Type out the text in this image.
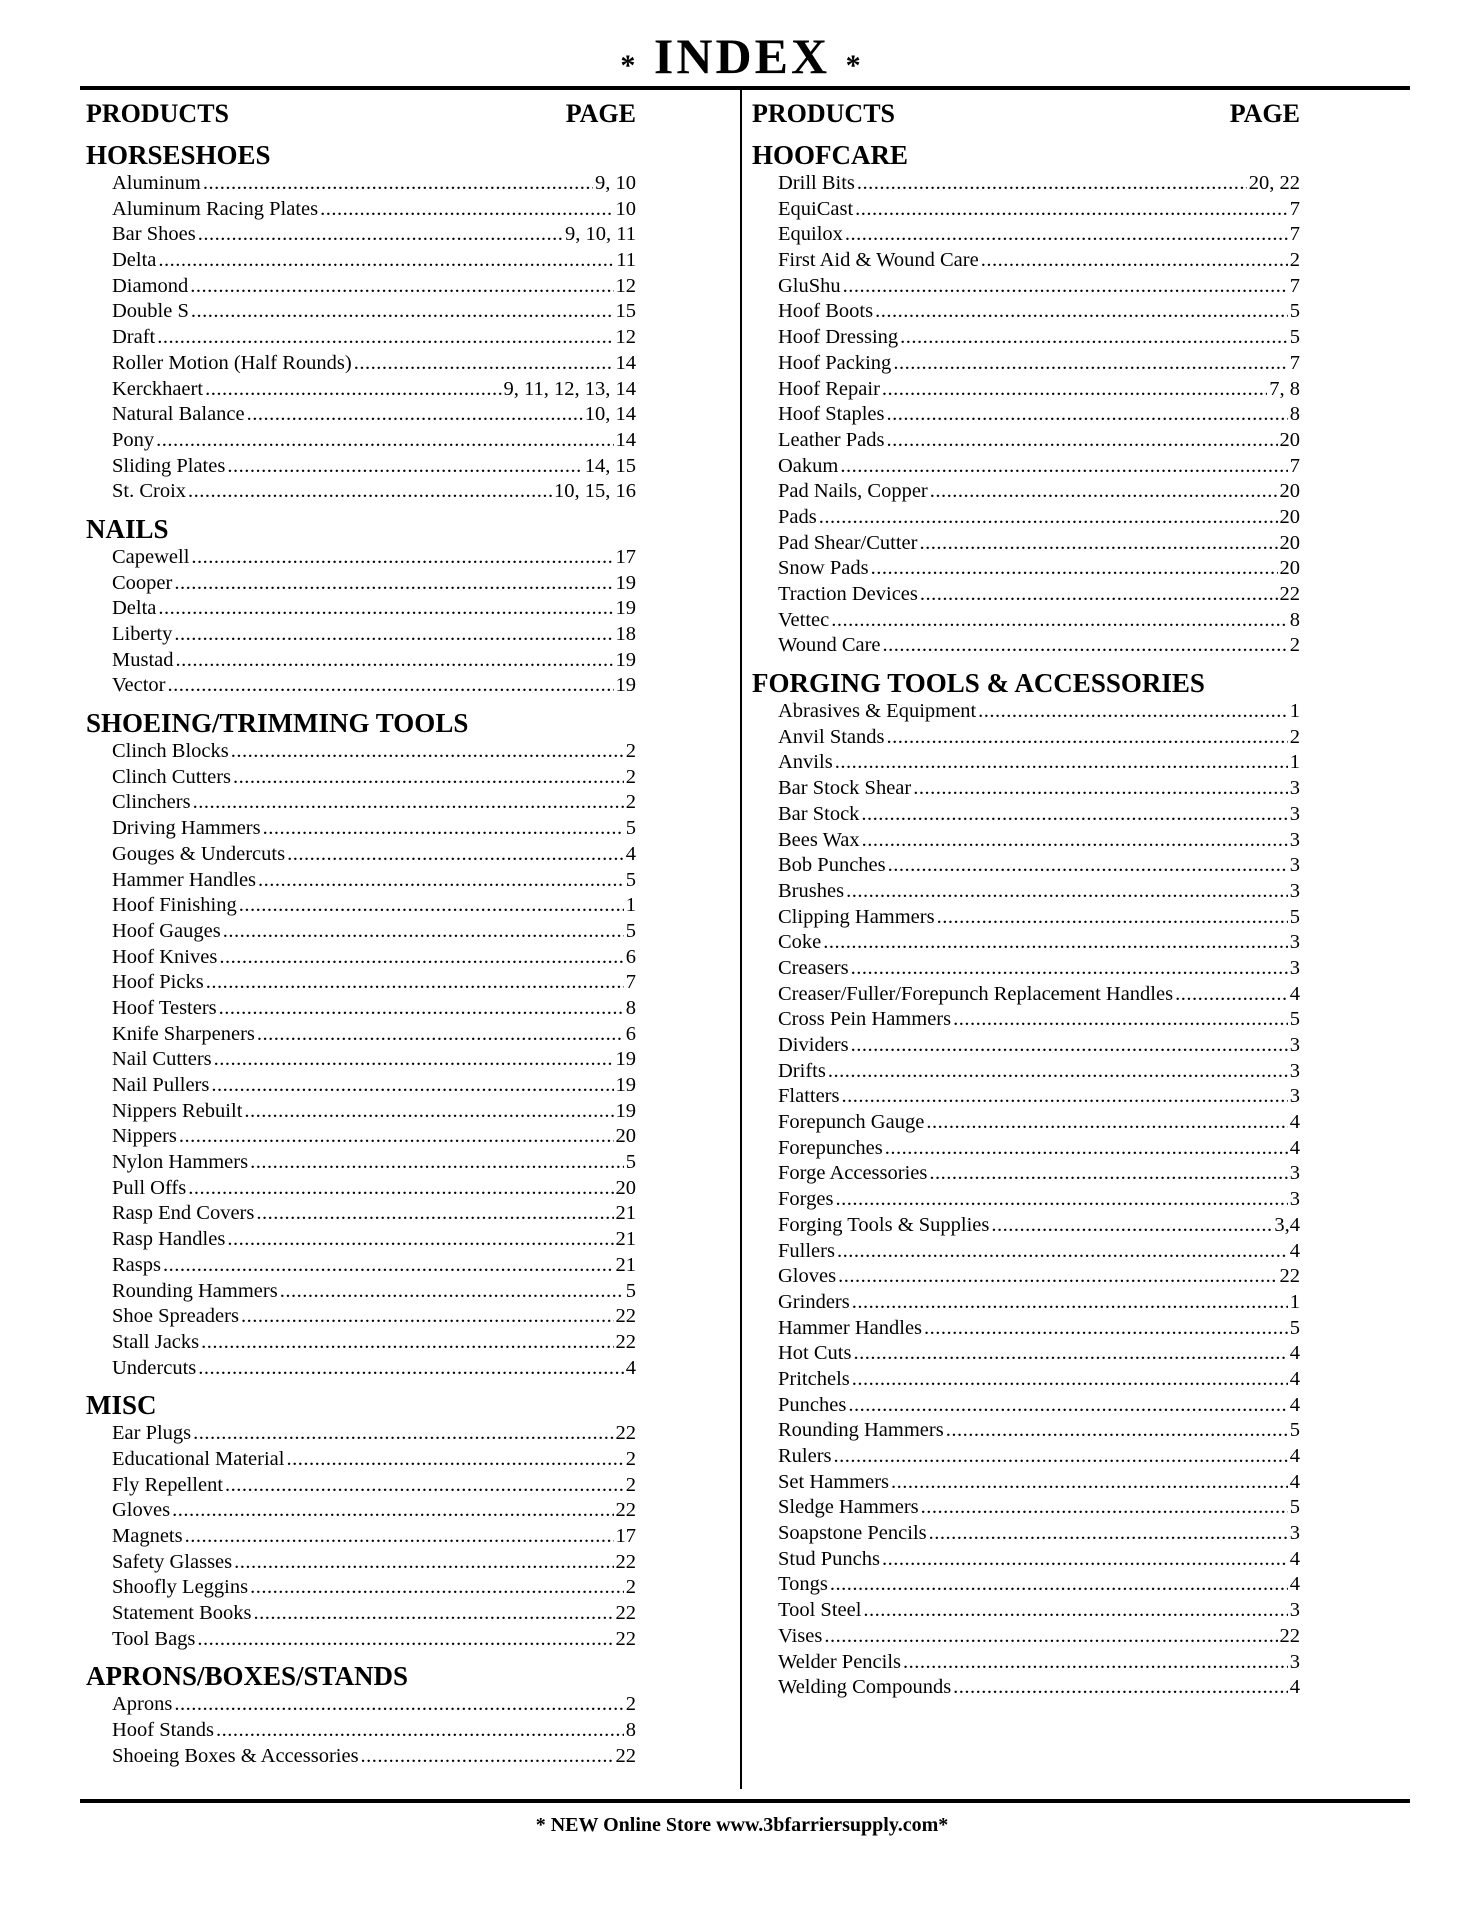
* INDEX *
PRODUCTS	PAGE
HORSESHOES
Aluminum .....	9, 10
Aluminum Racing Plates .....	10
Bar Shoes .....	9, 10, 11
Delta .....	11
Diamond .....	12
Double S .....	15
Draft .....	12
Roller Motion (Half Rounds) .....	14
Kerckhaert .....	9, 11, 12, 13, 14
Natural Balance .....	10, 14
Pony .....	14
Sliding Plates .....	14, 15
St. Croix .....	10, 15, 16
NAILS
Capewell .....	17
Cooper .....	19
Delta .....	19
Liberty .....	18
Mustad .....	19
Vector .....	19
SHOEING/TRIMMING TOOLS
Clinch Blocks .....	2
Clinch Cutters .....	2
Clinchers .....	2
Driving Hammers .....	5
Gouges & Undercuts .....	4
Hammer Handles .....	5
Hoof Finishing .....	1
Hoof Gauges .....	5
Hoof Knives .....	6
Hoof Picks .....	7
Hoof Testers .....	8
Knife Sharpeners .....	6
Nail Cutters .....	19
Nail Pullers .....	19
Nippers Rebuilt .....	19
Nippers .....	20
Nylon Hammers .....	5
Pull Offs .....	20
Rasp End Covers .....	21
Rasp Handles .....	21
Rasps .....	21
Rounding Hammers .....	5
Shoe Spreaders .....	22
Stall Jacks .....	22
Undercuts .....	4
MISC
Ear Plugs .....	22
Educational Material .....	2
Fly Repellent .....	2
Gloves .....	22
Magnets .....	17
Safety Glasses .....	22
Shoofly Leggins .....	2
Statement Books .....	22
Tool Bags .....	22
APRONS/BOXES/STANDS
Aprons .....	2
Hoof Stands .....	8
Shoeing Boxes & Accessories .....	22
PRODUCTS	PAGE
HOOFCARE
Drill Bits .....	20, 22
EquiCast .....	7
Equilox .....	7
First Aid & Wound Care .....	2
GluShu .....	7
Hoof Boots .....	5
Hoof Dressing .....	5
Hoof Packing .....	7
Hoof Repair .....	7, 8
Hoof Staples .....	8
Leather Pads .....	20
Oakum .....	7
Pad Nails, Copper .....	20
Pads .....	20
Pad Shear/Cutter .....	20
Snow Pads .....	20
Traction Devices .....	22
Vettec .....	8
Wound Care .....	2
FORGING TOOLS & ACCESSORIES
Abrasives & Equipment .....	1
Anvil Stands .....	2
Anvils .....	1
Bar Stock Shear .....	3
Bar Stock .....	3
Bees Wax .....	3
Bob Punches .....	3
Brushes .....	3
Clipping Hammers .....	5
Coke .....	3
Creasers .....	3
Creaser/Fuller/Forepunch Replacement Handles .....	4
Cross Pein Hammers .....	5
Dividers .....	3
Drifts .....	3
Flatters .....	3
Forepunch Gauge .....	4
Forepunches .....	4
Forge Accessories .....	3
Forges .....	3
Forging Tools & Supplies .....	3,4
Fullers .....	4
Gloves .....	22
Grinders .....	1
Hammer Handles .....	5
Hot Cuts .....	4
Pritchels .....	4
Punches .....	4
Rounding Hammers .....	5
Rulers .....	4
Set Hammers .....	4
Sledge Hammers .....	5
Soapstone Pencils .....	3
Stud Punchs .....	4
Tongs .....	4
Tool Steel .....	3
Vises .....	22
Welder Pencils .....	3
Welding Compounds .....	4
* NEW Online Store www.3bfarriersupply.com*
